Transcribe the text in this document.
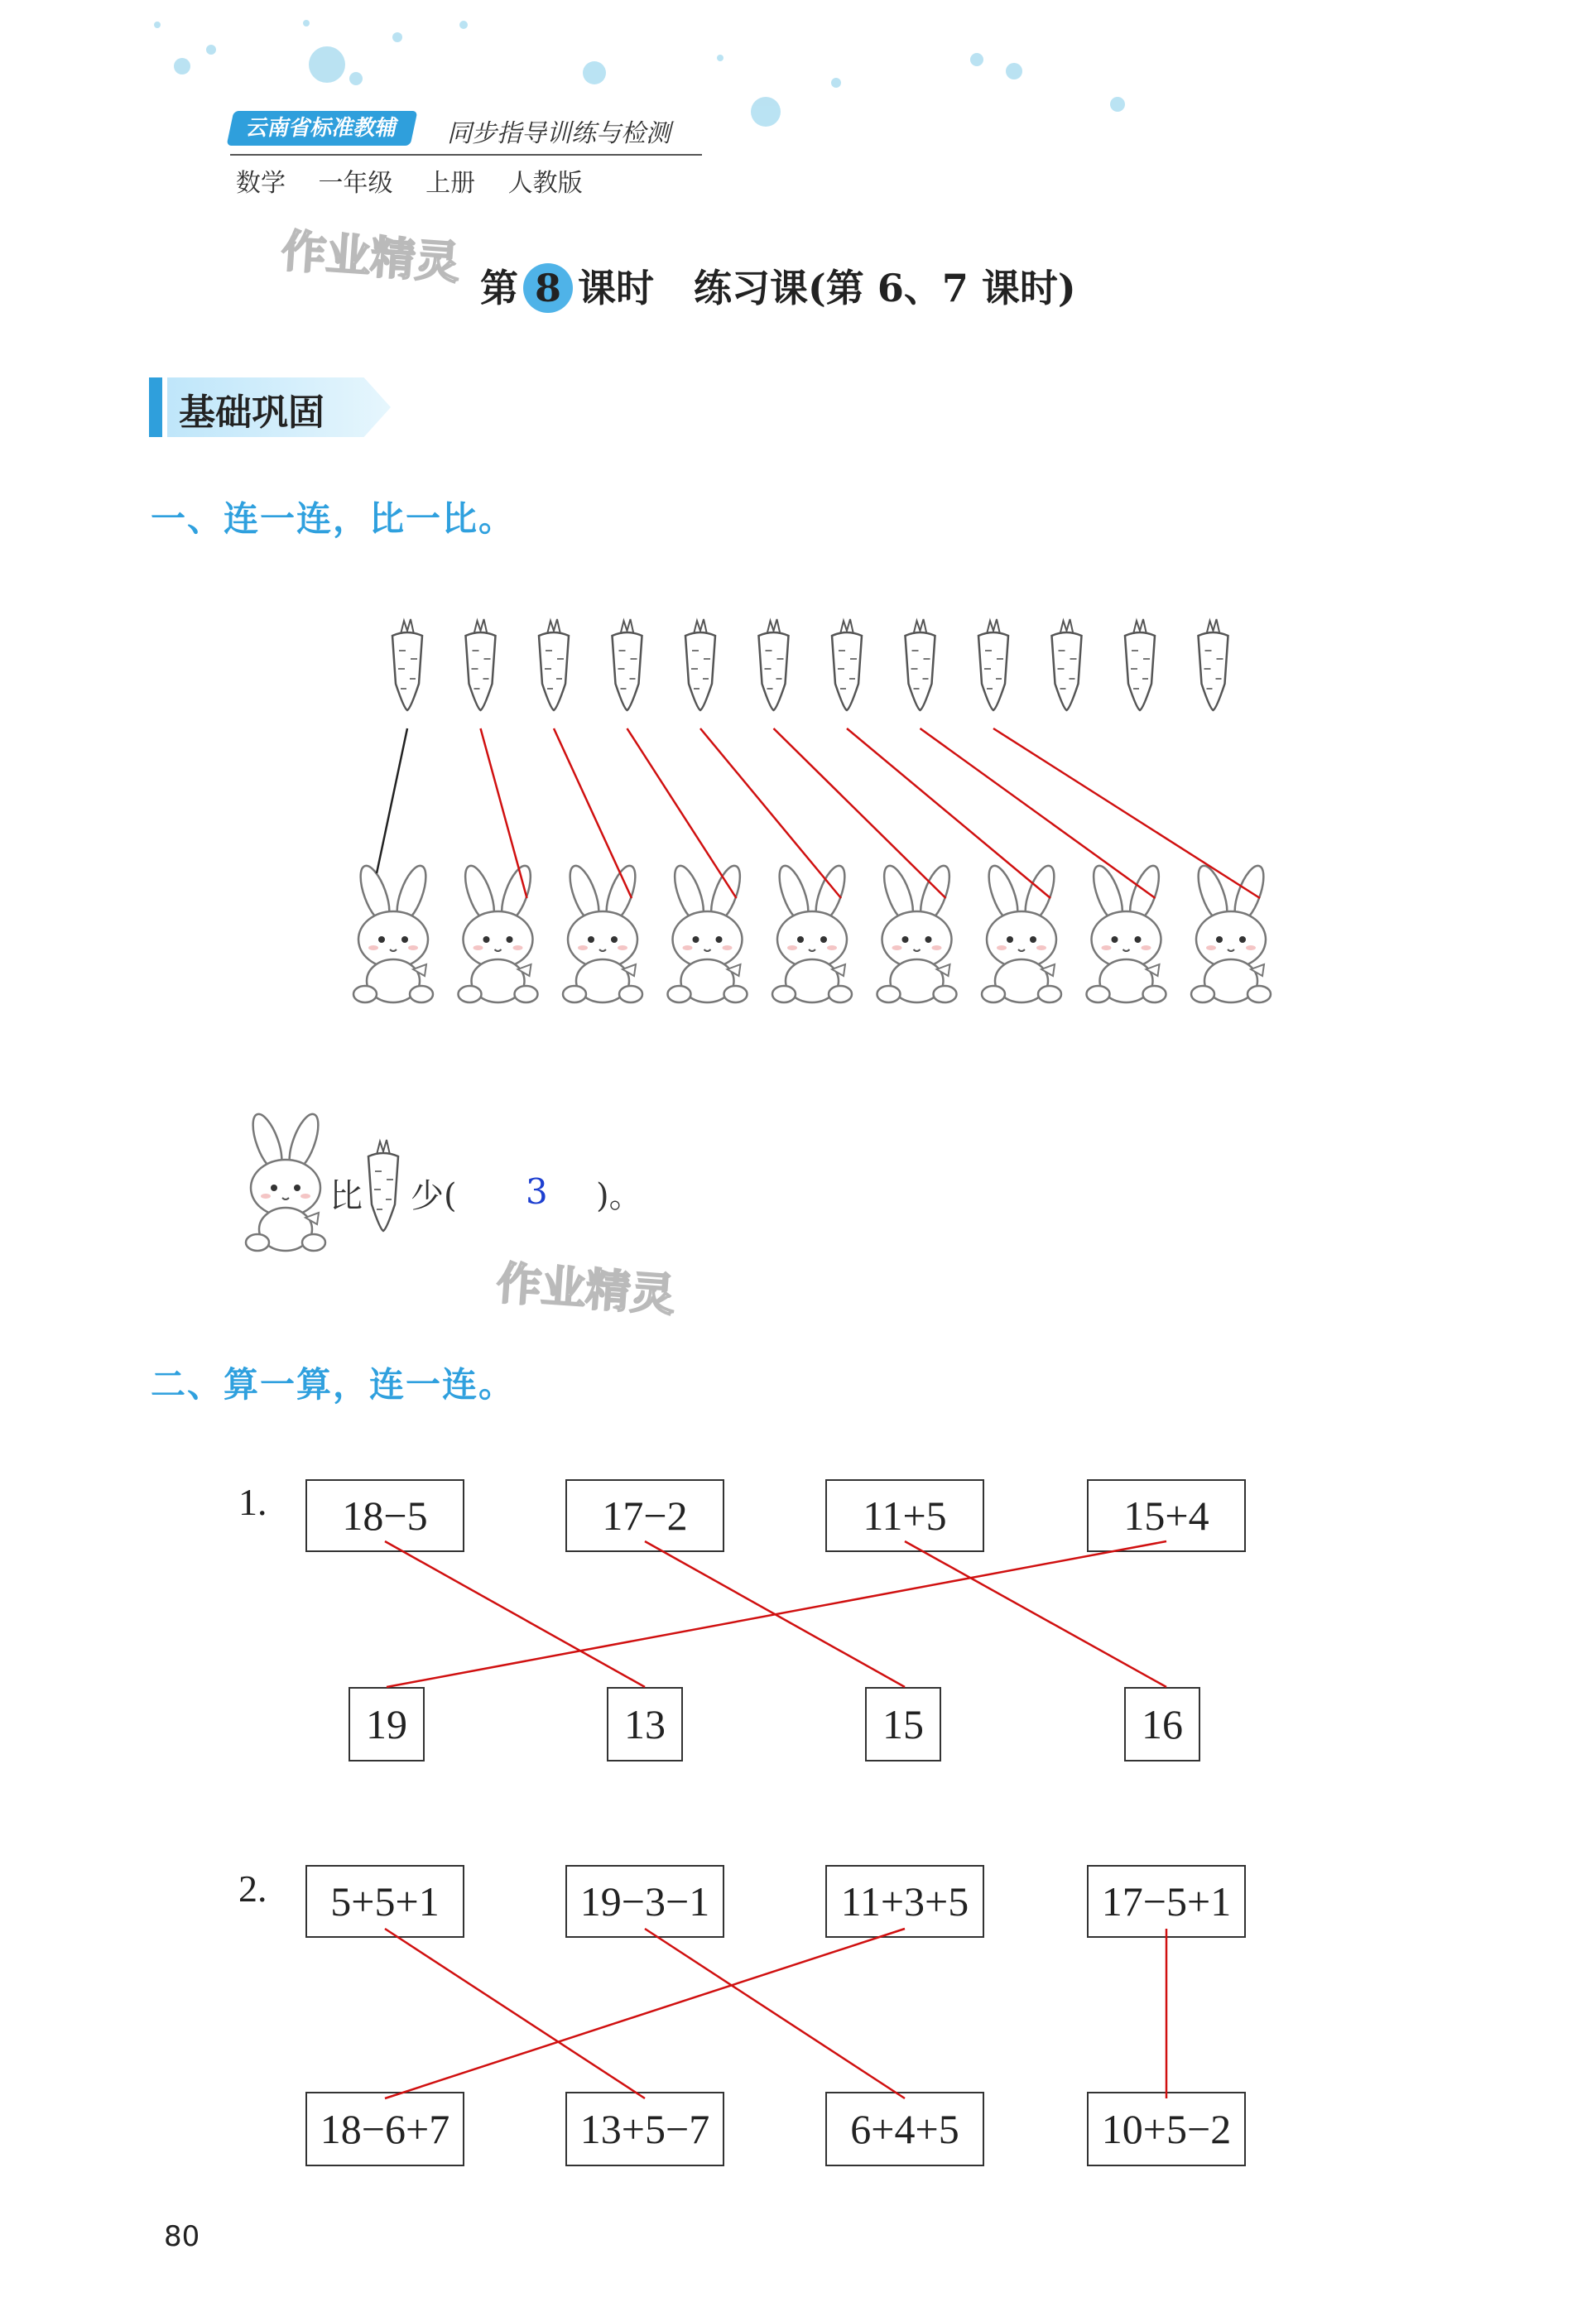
云南省标准教辅	同步指导训练与检测
数学 一年级 上册 人教版
作业精灵
作业精灵
第 8 课时 练习课(第 6、7 课时)
基础巩固
一、连一连，比一比。
比 少( 3 )。
二、算一算，连一连。
1.	18−5	17−2	11+5	15+4
19	13	15	16
2.	5+5+1	19−3−1	11+3+5	17−5+1
18−6+7	13+5−7	6+4+5	10+5−2
80
